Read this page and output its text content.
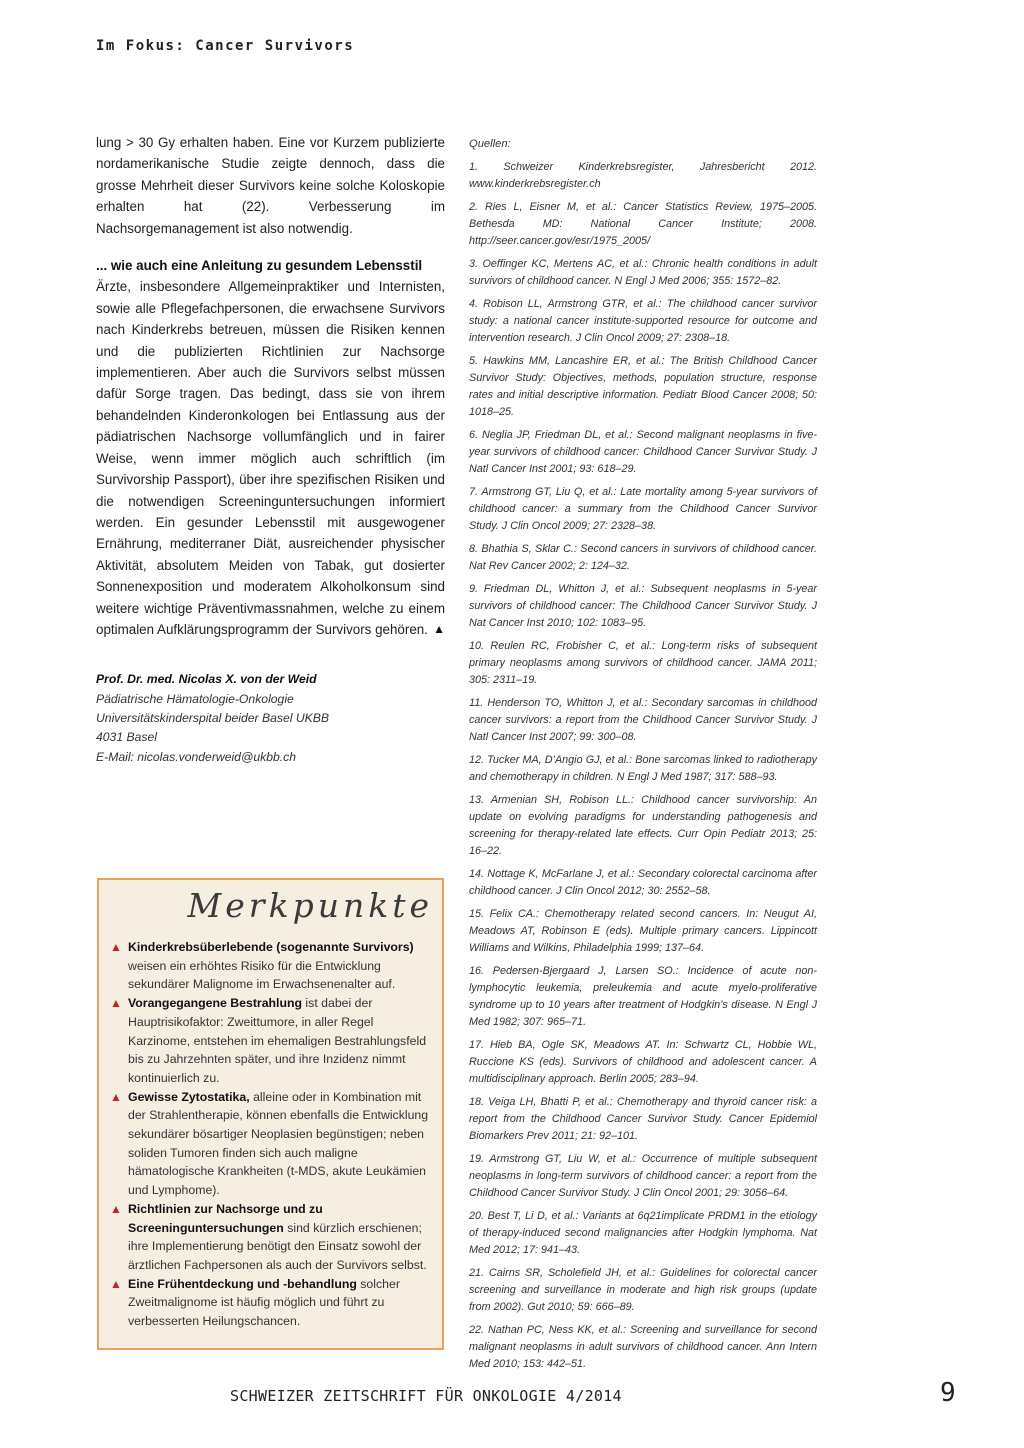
Im Fokus: Cancer Survivors

lung > 30 Gy erhalten haben. Eine vor Kurzem publizierte nordamerikanische Studie zeigte dennoch, dass die grosse Mehrheit dieser Survivors keine solche Koloskopie erhalten hat (22). Verbesserung im Nachsorgemanagement ist also notwendig.

... wie auch eine Anleitung zu gesundem Lebensstil

Ärzte, insbesondere Allgemeinpraktiker und Internisten, sowie alle Pflegefachpersonen, die erwachsene Survivors nach Kinderkrebs betreuen, müssen die Risiken kennen und die publizierten Richtlinien zur Nachsorge implementieren. Aber auch die Survivors selbst müssen dafür Sorge tragen. Das bedingt, dass sie von ihrem behandelnden Kinderonkologen bei Entlassung aus der pädiatrischen Nachsorge vollumfänglich und in fairer Weise, wenn immer möglich auch schriftlich (im Survivorship Passport), über ihre spezifischen Risiken und die notwendigen Screeninguntersuchungen informiert werden. Ein gesunder Lebensstil mit ausgewogener Ernährung, mediterraner Diät, ausreichender physischer Aktivität, absolutem Meiden von Tabak, gut dosierter Sonnenexposition und moderatem Alkoholkonsum sind weitere wichtige Präventivmassnahmen, welche zu einem optimalen Aufklärungsprogramm der Survivors gehören. ▲

Prof. Dr. med. Nicolas X. von der Weid
Pädiatrische Hämatologie-Onkologie
Universitätskinderspital beider Basel UKBB
4031 Basel
E-Mail: nicolas.vonderweid@ukbb.ch
Merkpunkte
▲ Kinderkrebsüberlebende (sogenannte Survivors) weisen ein erhöhtes Risiko für die Entwicklung sekundärer Malignome im Erwachsenenalter auf.
▲ Vorangegangene Bestrahlung ist dabei der Hauptrisikofaktor: Zweittumore, in aller Regel Karzinome, entstehen im ehemaligen Bestrahlungsfeld bis zu Jahrzehnten später, und ihre Inzidenz nimmt kontinuierlich zu.
▲ Gewisse Zytostatika, alleine oder in Kombination mit der Strahlentherapie, können ebenfalls die Entwicklung sekundärer bösartiger Neoplasien begünstigen; neben soliden Tumoren finden sich auch maligne hämatologische Krankheiten (t-MDS, akute Leukämien und Lymphome).
▲ Richtlinien zur Nachsorge und zu Screeninguntersuchungen sind kürzlich erschienen; ihre Implementierung benötigt den Einsatz sowohl der ärztlichen Fachpersonen als auch der Survivors selbst.
▲ Eine Frühentdeckung und -behandlung solcher Zweitmalignome ist häufig möglich und führt zu verbesserten Heilungschancen.
Quellen:
1. Schweizer Kinderkrebsregister, Jahresbericht 2012. www.kinderkrebsregister.ch
2. Ries L, Eisner M, et al.: Cancer Statistics Review, 1975–2005. Bethesda MD: National Cancer Institute; 2008. http://seer.cancer.gov/esr/1975_2005/
3. Oeffinger KC, Mertens AC, et al.: Chronic health conditions in adult survivors of childhood cancer. N Engl J Med 2006; 355: 1572–82.
4. Robison LL, Armstrong GTR, et al.: The childhood cancer survivor study: a national cancer institute-supported resource for outcome and intervention research. J Clin Oncol 2009; 27: 2308–18.
5. Hawkins MM, Lancashire ER, et al.: The British Childhood Cancer Survivor Study: Objectives, methods, population structure, response rates and initial descriptive information. Pediatr Blood Cancer 2008; 50: 1018–25.
6. Neglia JP, Friedman DL, et al.: Second malignant neoplasms in five-year survivors of childhood cancer: Childhood Cancer Survivor Study. J Natl Cancer Inst 2001; 93: 618–29.
7. Armstrong GT, Liu Q, et al.: Late mortality among 5-year survivors of childhood cancer: a summary from the Childhood Cancer Survivor Study. J Clin Oncol 2009; 27: 2328–38.
8. Bhathia S, Sklar C.: Second cancers in survivors of childhood cancer. Nat Rev Cancer 2002; 2: 124–32.
9. Friedman DL, Whitton J, et al.: Subsequent neoplasms in 5-year survivors of childhood cancer: The Childhood Cancer Survivor Study. J Nat Cancer Inst 2010; 102: 1083–95.
10. Reulen RC, Frobisher C, et al.: Long-term risks of subsequent primary neoplasms among survivors of childhood cancer. JAMA 2011; 305: 2311–19.
11. Henderson TO, Whitton J, et al.: Secondary sarcomas in childhood cancer survivors: a report from the Childhood Cancer Survivor Study. J Natl Cancer Inst 2007; 99: 300–08.
12. Tucker MA, D’Angio GJ, et al.: Bone sarcomas linked to radiotherapy and chemotherapy in children. N Engl J Med 1987; 317: 588–93.
13. Armenian SH, Robison LL.: Childhood cancer survivorship: An update on evolving paradigms for understanding pathogenesis and screening for therapy-related late effects. Curr Opin Pediatr 2013; 25: 16–22.
14. Nottage K, McFarlane J, et al.: Secondary colorectal carcinoma after childhood cancer. J Clin Oncol 2012; 30: 2552–58.
15. Felix CA.: Chemotherapy related second cancers. In: Neugut AI, Meadows AT, Robinson E (eds). Multiple primary cancers. Lippincott Williams and Wilkins, Philadelphia 1999; 137–64.
16. Pedersen-Bjergaard J, Larsen SO.: Incidence of acute non-lymphocytic leukemia, preleukemia and acute myelo-proliferative syndrome up to 10 years after treatment of Hodgkin’s disease. N Engl J Med 1982; 307: 965–71.
17. Hieb BA, Ogle SK, Meadows AT. In: Schwartz CL, Hobbie WL, Ruccione KS (eds). Survivors of childhood and adolescent cancer. A multidisciplinary approach. Berlin 2005; 283–94.
18. Veiga LH, Bhatti P, et al.: Chemotherapy and thyroid cancer risk: a report from the Childhood Cancer Survivor Study. Cancer Epidemiol Biomarkers Prev 2011; 21: 92–101.
19. Armstrong GT, Liu W, et al.: Occurrence of multiple subsequent neoplasms in long-term survivors of childhood cancer: a report from the Childhood Cancer Survivor Study. J Clin Oncol 2001; 29: 3056–64.
20. Best T, Li D, et al.: Variants at 6q21implicate PRDM1 in the etiology of therapy-induced second malignancies after Hodgkin lymphoma. Nat Med 2012; 17: 941–43.
21. Cairns SR, Scholefield JH, et al.: Guidelines for colorectal cancer screening and surveillance in moderate and high risk groups (update from 2002). Gut 2010; 59: 666–89.
22. Nathan PC, Ness KK, et al.: Screening and surveillance for second malignant neoplasms in adult survivors of childhood cancer. Ann Intern Med 2010; 153: 442–51.
SCHWEIZER ZEITSCHRIFT FÜR ONKOLOGIE 4/2014	9
